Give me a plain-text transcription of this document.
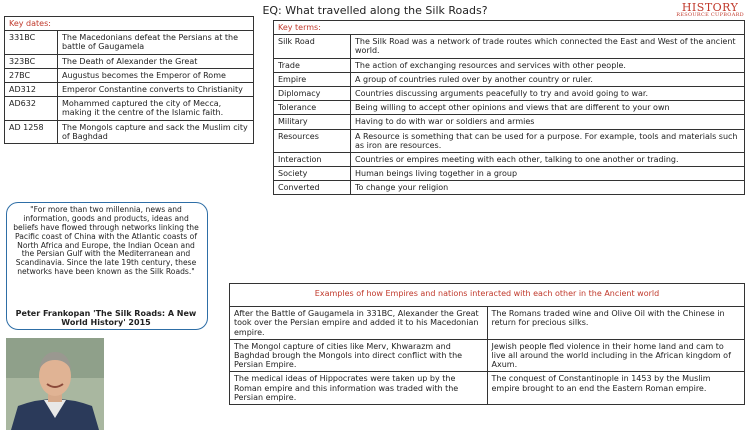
EQ: What travelled along the Silk Roads?	HISTORY
RESOURCE CUPBOARD
Key dates:	
331BC	The Macedonians defeat the Persians at the battle of Gaugamela
323BC	The Death of Alexander the Great
27BC	Augustus becomes the Emperor of Rome
AD312	Emperor Constantine converts to Christianity
AD632	Mohammed captured the city of Mecca, making it the centre of the Islamic faith.
AD 1258	The Mongols capture and sack the Muslim city of Baghdad
Key terms:	
Silk Road	The Silk Road was a network of trade routes which connected the East and West of the ancient world.
Trade	The action of exchanging resources and services with other people.
Empire	A group of countries ruled over by another country or ruler.
Diplomacy	Countries discussing arguments peacefully to try and avoid going to war.
Tolerance	Being willing to accept other opinions and views that are different to your own
Military	Having to do with war or soldiers and armies
Resources	A Resource is something that can be used for a purpose. For example, tools and materials such as iron are resources.
Interaction	Countries or empires meeting with each other, talking to one another or trading.
Society	Human beings living together in a group
Converted	To change your religion
"For more than two millennia, news and information, goods and products, ideas and beliefs have flowed through networks linking the Pacific coast of China with the Atlantic coasts of North Africa and Europe, the Indian Ocean and the Persian Gulf with the Mediterranean and Scandinavia. Since the late 19th century, these networks have been known as the Silk Roads."
Peter Frankopan 'The Silk Roads: A New World History' 2015
Examples of how Empires and nations interacted with each other in the Ancient world	
After the Battle of Gaugamela in 331BC, Alexander the Great took over the Persian empire and added it to his Macedonian empire.	The Romans traded wine and Olive Oil with the Chinese in return for precious silks.
The Mongol capture of cities like Merv, Khwarazm and Baghdad brough the Mongols into direct conflict with the Persian Empire.	Jewish people fled violence in their home land and cam to live all around the world including in the African kingdom of Axum.
The medical ideas of Hippocrates were taken up by the Roman empire and this information was traded with the Persian empire.	The conquest of Constantinople in 1453 by the Muslim empire brought to an end the Eastern Roman empire.
